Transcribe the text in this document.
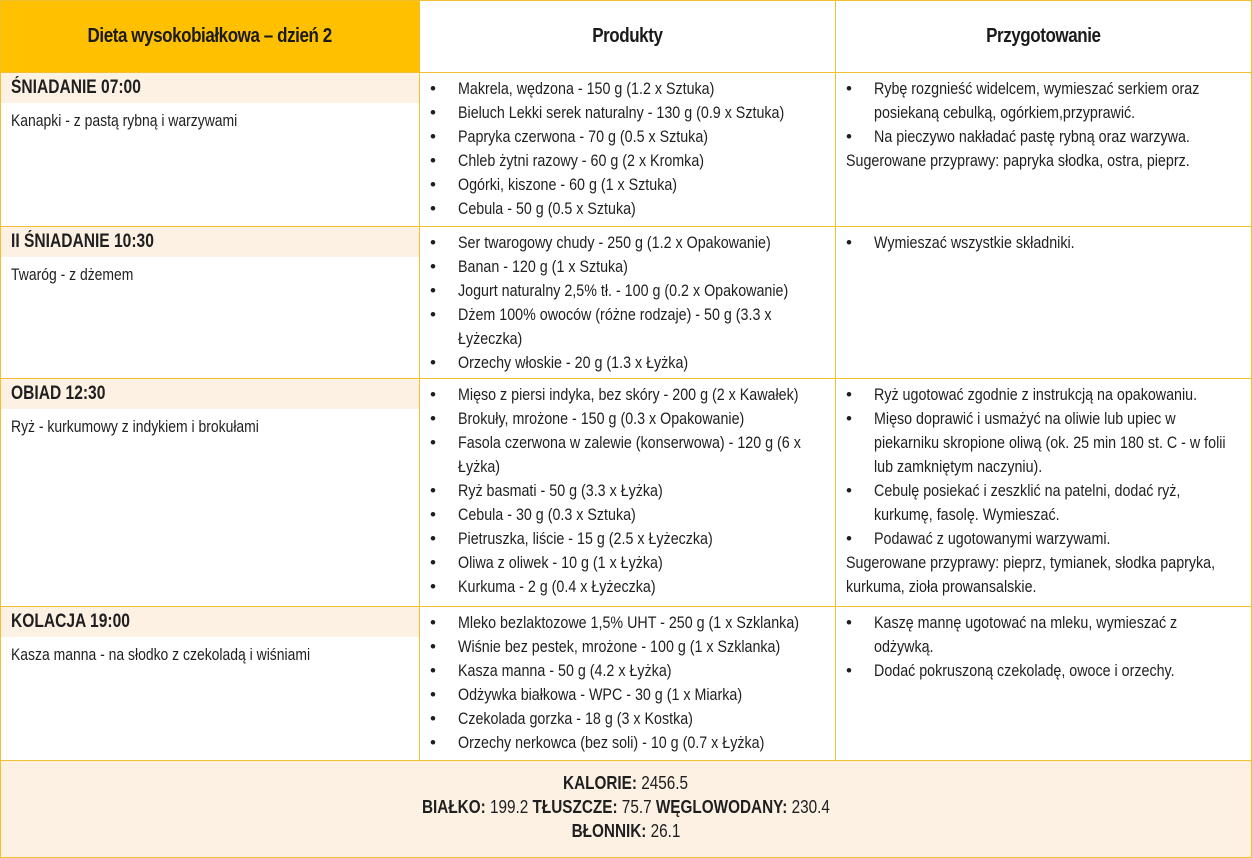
Dieta wysokobiałkowa – dzień 2	Produkty	Przygotowanie
ŚNIADANIE 07:00
Kanapki - z pastą rybną i warzywami
• Makrela, wędzona - 150 g (1.2 x Sztuka)
• Bieluch Lekki serek naturalny - 130 g (0.9 x Sztuka)
• Papryka czerwona - 70 g (0.5 x Sztuka)
• Chleb żytni razowy - 60 g (2 x Kromka)
• Ogórki, kiszone - 60 g (1 x Sztuka)
• Cebula - 50 g (0.5 x Sztuka)
• Rybę rozgnieść widelcem, wymieszać serkiem oraz posiekaną cebulką, ogórkiem,przyprawić.
• Na pieczywo nakładać pastę rybną oraz warzywa.
Sugerowane przyprawy: papryka słodka, ostra, pieprz.
II ŚNIADANIE 10:30
Twaróg - z dżemem
• Ser twarogowy chudy - 250 g (1.2 x Opakowanie)
• Banan - 120 g (1 x Sztuka)
• Jogurt naturalny 2,5% tł. - 100 g (0.2 x Opakowanie)
• Dżem 100% owoców (różne rodzaje) - 50 g (3.3 x Łyżeczka)
• Orzechy włoskie - 20 g (1.3 x Łyżka)
• Wymieszać wszystkie składniki.
OBIAD 12:30
Ryż - kurkumowy z indykiem i brokułami
• Mięso z piersi indyka, bez skóry - 200 g (2 x Kawałek)
• Brokuły, mrożone - 150 g (0.3 x Opakowanie)
• Fasola czerwona w zalewie (konserwowa) - 120 g (6 x Łyżka)
• Ryż basmati - 50 g (3.3 x Łyżka)
• Cebula - 30 g (0.3 x Sztuka)
• Pietruszka, liście - 15 g (2.5 x Łyżeczka)
• Oliwa z oliwek - 10 g (1 x Łyżka)
• Kurkuma - 2 g (0.4 x Łyżeczka)
• Ryż ugotować zgodnie z instrukcją na opakowaniu.
• Mięso doprawić i usmażyć na oliwie lub upiec w piekarniku skropione oliwą (ok. 25 min 180 st. C - w folii lub zamkniętym naczyniu).
• Cebulę posiekać i zeszklić na patelni, dodać ryż, kurkumę, fasolę. Wymieszać.
• Podawać z ugotowanymi warzywami.
Sugerowane przyprawy: pieprz, tymianek, słodka papryka, kurkuma, zioła prowansalskie.
KOLACJA 19:00
Kasza manna - na słodko z czekoladą i wiśniami
• Mleko bezlaktozowe 1,5% UHT - 250 g (1 x Szklanka)
• Wiśnie bez pestek, mrożone - 100 g (1 x Szklanka)
• Kasza manna - 50 g (4.2 x Łyżka)
• Odżywka białkowa - WPC - 30 g (1 x Miarka)
• Czekolada gorzka - 18 g (3 x Kostka)
• Orzechy nerkowca (bez soli) - 10 g (0.7 x Łyżka)
• Kaszę mannę ugotować na mleku, wymieszać z odżywką.
• Dodać pokruszoną czekoladę, owoce i orzechy.
KALORIE: 2456.5
BIAŁKO: 199.2 TŁUSZCZE: 75.7 WĘGLOWODANY: 230.4
BŁONNIK: 26.1
